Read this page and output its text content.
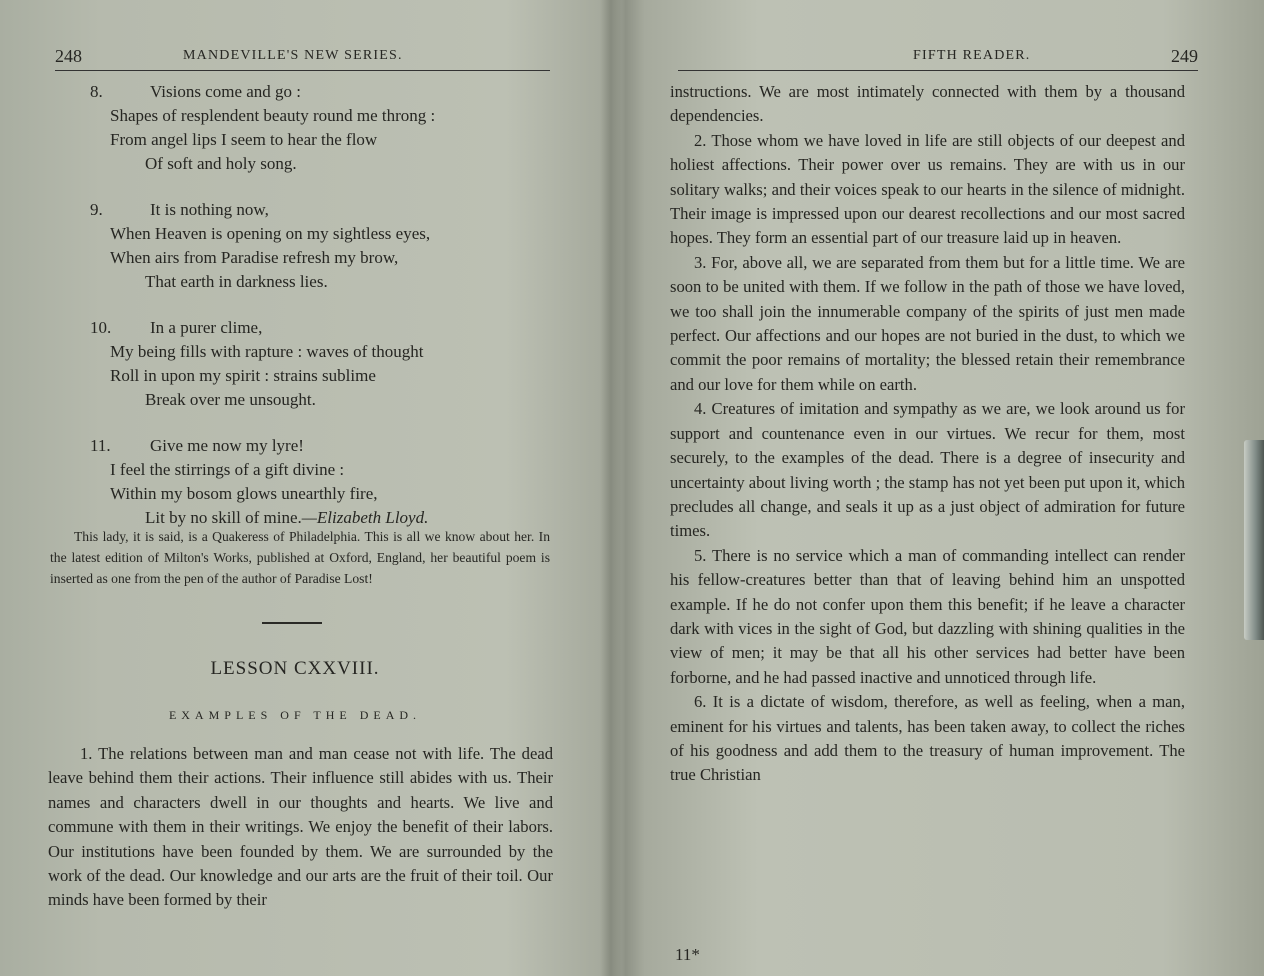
248	MANDEVILLE'S NEW SERIES.
8.	Visions come and go :
Shapes of resplendent beauty round me throng :
From angel lips I seem to hear the flow
Of soft and holy song.
9.	It is nothing now,
When Heaven is opening on my sightless eyes,
When airs from Paradise refresh my brow,
That earth in darkness lies.
10. In a purer clime,
My being fills with rapture : waves of thought
Roll in upon my spirit : strains sublime
Break over me unsought.
11. Give me now my lyre!
I feel the stirrings of a gift divine :
Within my bosom glows unearthly fire,
Lit by no skill of mine.—Elizabeth Lloyd.

This lady, it is said, is a Quakeress of Philadelphia. This is all we know about her. In the latest edition of Milton's Works, published at Oxford, England, her beautiful poem is inserted as one from the pen of the author of Paradise Lost!

LESSON CXXVIII.
EXAMPLES OF THE DEAD.

1. The relations between man and man cease not with life. The dead leave behind them their actions. Their influence still abides with us. Their names and characters dwell in our thoughts and hearts. We live and commune with them in their writings. We enjoy the benefit of their labors. Our institutions have been founded by them. We are surrounded by the work of the dead. Our knowledge and our arts are the fruit of their toil. Our minds have been formed by their

FIFTH READER.	249

instructions. We are most intimately connected with them by a thousand dependencies.

2. Those whom we have loved in life are still objects of our deepest and holiest affections. Their power over us remains. They are with us in our solitary walks; and their voices speak to our hearts in the silence of midnight. Their image is impressed upon our dearest recollections and our most sacred hopes. They form an essential part of our treasure laid up in heaven.

3. For, above all, we are separated from them but for a little time. We are soon to be united with them. If we follow in the path of those we have loved, we too shall join the innumerable company of the spirits of just men made perfect. Our affections and our hopes are not buried in the dust, to which we commit the poor remains of mortality; the blessed retain their remembrance and our love for them while on earth.

4. Creatures of imitation and sympathy as we are, we look around us for support and countenance even in our virtues. We recur for them, most securely, to the examples of the dead. There is a degree of insecurity and uncertainty about living worth ; the stamp has not yet been put upon it, which precludes all change, and seals it up as a just object of admiration for future times.

5. There is no service which a man of commanding intellect can render his fellow-creatures better than that of leaving behind him an unspotted example. If he do not confer upon them this benefit; if he leave a character dark with vices in the sight of God, but dazzling with shining qualities in the view of men; it may be that all his other services had better have been forborne, and he had passed inactive and unnoticed through life.

6. It is a dictate of wisdom, therefore, as well as feeling, when a man, eminent for his virtues and talents, has been taken away, to collect the riches of his goodness and add them to the treasury of human improvement. The true Christian

11*
